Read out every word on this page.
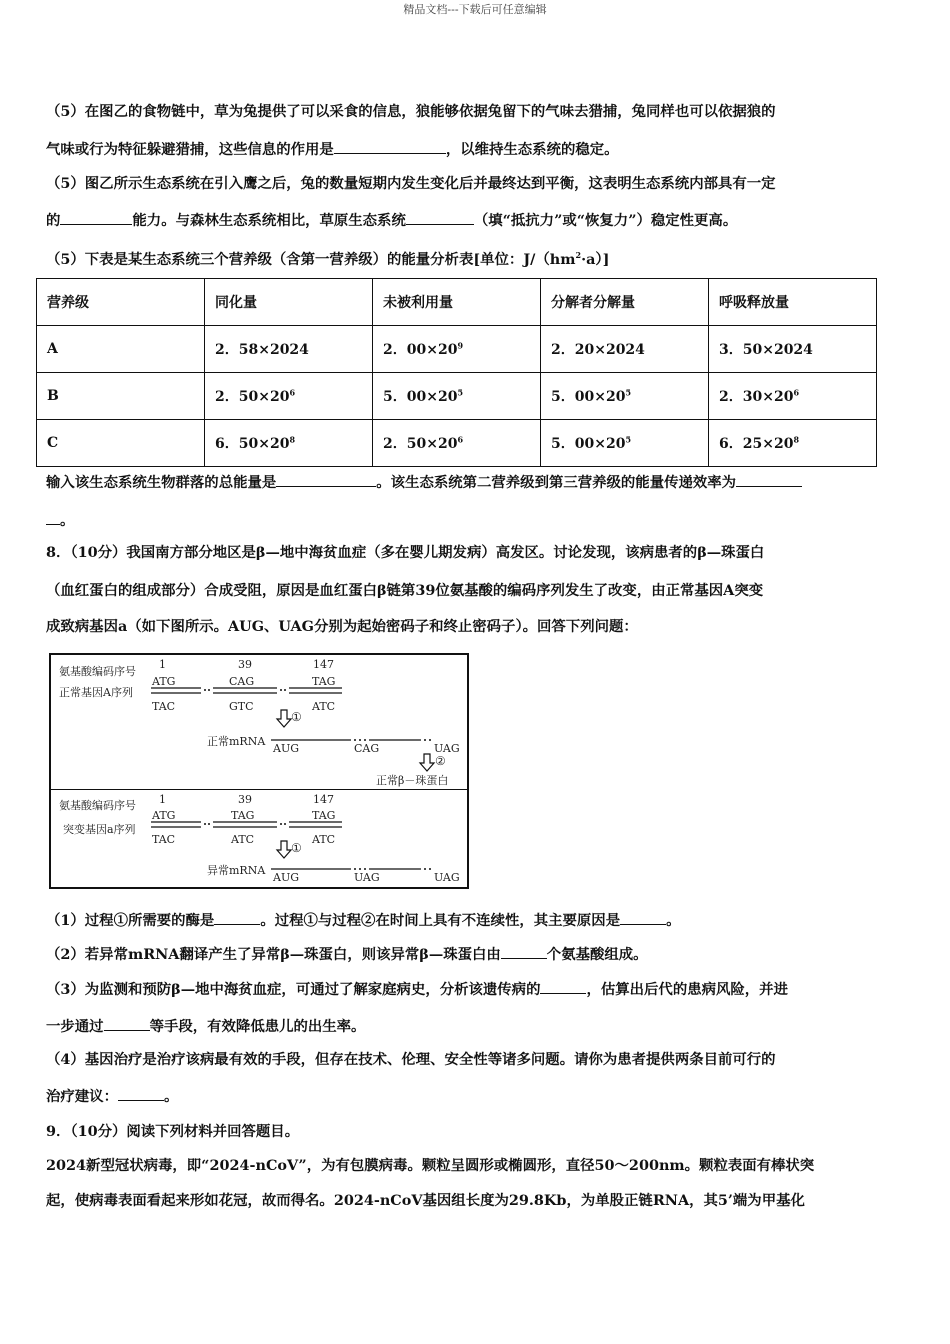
精品文档---下载后可任意编辑
（5）在图乙的食物链中，草为兔提供了可以采食的信息，狼能够依据兔留下的气味去猎捕，兔同样也可以依据狼的
气味或行为特征躲避猎捕，这些信息的作用是	，以维持生态系统的稳定。
（5）图乙所示生态系统在引入鹰之后，兔的数量短期内发生变化后并最终达到平衡，这表明生态系统内部具有一定
的	能力。与森林生态系统相比，草原生态系统	（填“抵抗力”或“恢复力”）稳定性更高。
（5）下表是某生态系统三个营养级（含第一营养级）的能量分析表[单位：$J/(hm^2\cdot a)$]
营养级	同化量	未被利用量	分解者分解量	呼吸释放量
A	2．58×2024	2．$00\times 20^9$	2．20×2024	3．50×2024
B	2．$50\times 20^6$	5．$00\times 20^5$	5．$00\times 20^5$	2．$30\times 20^6$
C	6．$50\times 20^8$	2．$50\times 20^6$	5．$00\times 20^5$	6．$25\times 20^8$
输入该生态系统生物群落的总能量是	。该生态系统第二营养级到第三营养级的能量传递效率为
。
8．（10分）我国南方部分地区是β—地中海贫血症（多在婴儿期发病）高发区。讨论发现，该病患者的β—珠蛋白
（血红蛋白的组成部分）合成受阻，原因是血红蛋白β链第39位氨基酸的编码序列发生了改变，由正常基因A突变
成致病基因a（如下图所示。AUG、UAG分别为起始密码子和终止密码子）。回答下列问题：
氨基酸编码序号
正常基因A序列
1	39	147
ATG	CAG	TAG
TAC	GTC	ATC
①
正常mRNA
AUG	CAG	UAG
②
正常β－珠蛋白
氨基酸编码序号
突变基因a序列
1	39	147
ATG	TAG	TAG
TAC	ATC	ATC
①
异常mRNA
AUG	UAG	UAG
（1）过程①所需要的酶是	。过程①与过程②在时间上具有不连续性，其主要原因是	。
（2）若异常mRNA翻译产生了异常β—珠蛋白，则该异常β—珠蛋白由	个氨基酸组成。
（3）为监测和预防β—地中海贫血症，可通过了解家庭病史，分析该遗传病的	，估算出后代的患病风险，并进
一步通过	等手段，有效降低患儿的出生率。
（4）基因治疗是治疗该病最有效的手段，但存在技术、伦理、安全性等诸多问题。请你为患者提供两条目前可行的
治疗建议：	。
9．（10分）阅读下列材料并回答题目。
2024新型冠状病毒，即“2024-nCoV”，为有包膜病毒。颗粒呈圆形或椭圆形，直径50～200nm。颗粒表面有棒状突
起，使病毒表面看起来形如花冠，故而得名。2024-nCoV基因组长度为29.8Kb，为单股正链RNA，其5’端为甲基化
